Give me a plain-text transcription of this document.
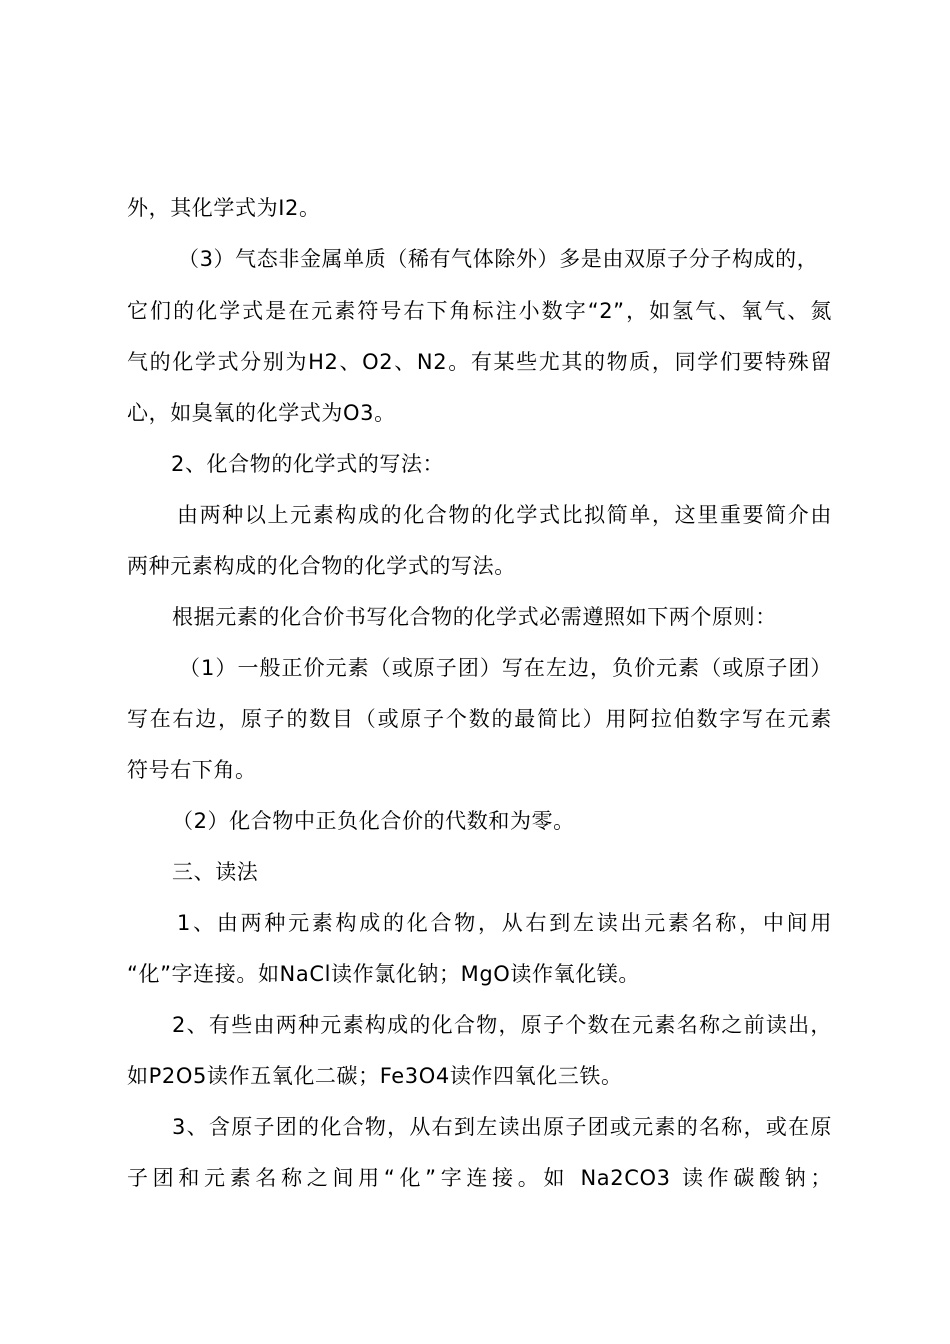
外，其化学式为I2。
（3）气态非金属单质（稀有气体除外）多是由双原子分子构成的，
它们的化学式是在元素符号右下角标注小数字“2”，如氢气、氧气、氮
气的化学式分别为H2、O2、N2。有某些尤其的物质，同学们要特殊留
心，如臭氧的化学式为O3。
2、化合物的化学式的写法：
由两种以上元素构成的化合物的化学式比拟简单，这里重要简介由
两种元素构成的化合物的化学式的写法。
根据元素的化合价书写化合物的化学式必需遵照如下两个原则：
（1）一般正价元素（或原子团）写在左边，负价元素（或原子团）
写在右边，原子的数目（或原子个数的最简比）用阿拉伯数字写在元素
符号右下角。
（2）化合物中正负化合价的代数和为零。
三、读法
1、由两种元素构成的化合物，从右到左读出元素名称，中间用
“化”字连接。如NaCl读作氯化钠；MgO读作氧化镁。
2、有些由两种元素构成的化合物，原子个数在元素名称之前读出，
如P2O5读作五氧化二碳；Fe3O4读作四氧化三铁。
3、含原子团的化合物，从右到左读出原子团或元素的名称，或在原
子团和元素名称之间用“化”字连接。如 Na2CO3 读作碳酸钠；
